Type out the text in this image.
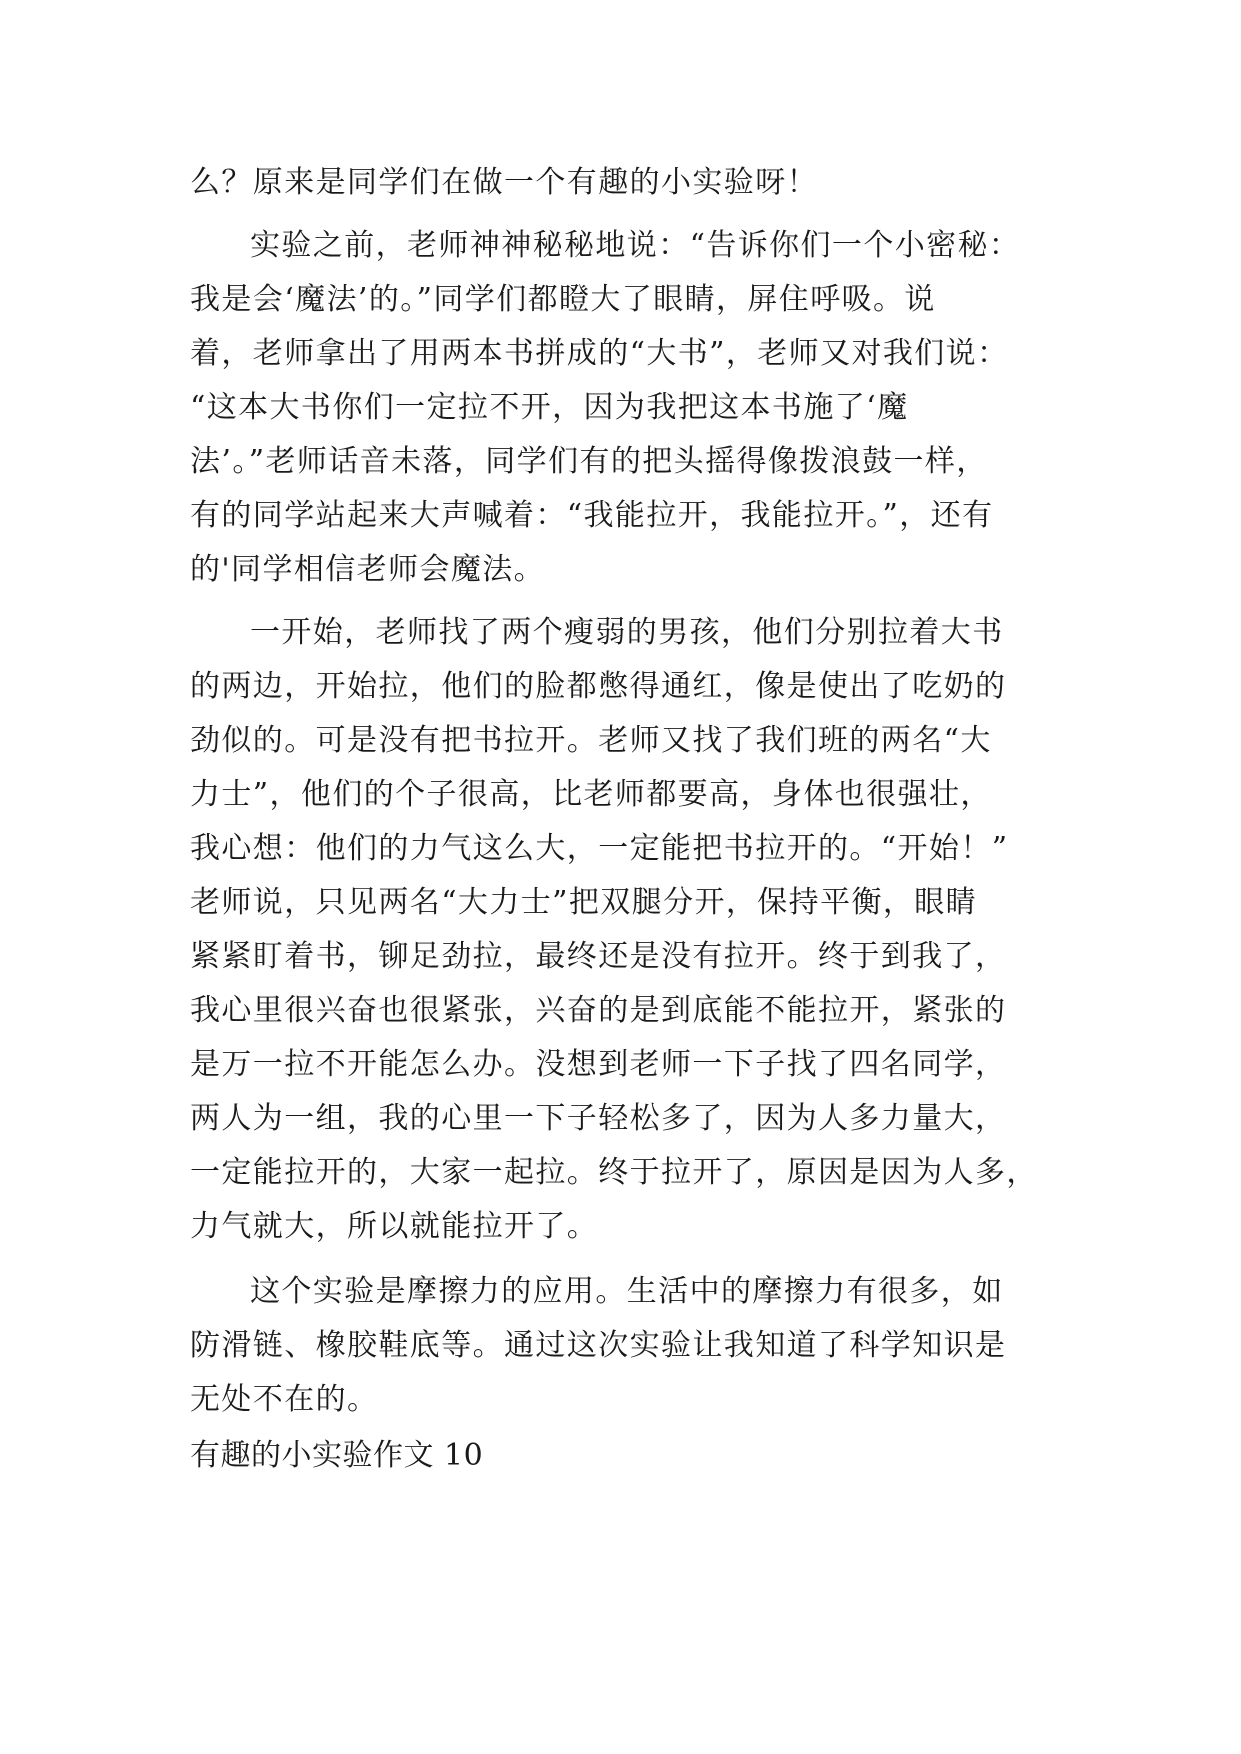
么？原来是同学们在做一个有趣的小实验呀！
实验之前，老师神神秘秘地说：“告诉你们一个小密秘：
我是会‘魔法’的。”同学们都瞪大了眼睛，屏住呼吸。说
着，老师拿出了用两本书拼成的“大书”，老师又对我们说：
“这本大书你们一定拉不开，因为我把这本书施了‘魔
法’。”老师话音未落，同学们有的把头摇得像拨浪鼓一样，
有的同学站起来大声喊着：“我能拉开，我能拉开。”，还有
的'同学相信老师会魔法。
一开始，老师找了两个瘦弱的男孩，他们分别拉着大书
的两边，开始拉，他们的脸都憋得通红，像是使出了吃奶的
劲似的。可是没有把书拉开。老师又找了我们班的两名“大
力士”，他们的个子很高，比老师都要高，身体也很强壮，
我心想：他们的力气这么大，一定能把书拉开的。“开始！”
老师说，只见两名“大力士”把双腿分开，保持平衡，眼睛
紧紧盯着书，铆足劲拉，最终还是没有拉开。终于到我了，
我心里很兴奋也很紧张，兴奋的是到底能不能拉开，紧张的
是万一拉不开能怎么办。没想到老师一下子找了四名同学，
两人为一组，我的心里一下子轻松多了，因为人多力量大，
一定能拉开的，大家一起拉。终于拉开了，原因是因为人多，
力气就大，所以就能拉开了。
这个实验是摩擦力的应用。生活中的摩擦力有很多，如
防滑链、橡胶鞋底等。通过这次实验让我知道了科学知识是
无处不在的。
有趣的小实验作文 10
